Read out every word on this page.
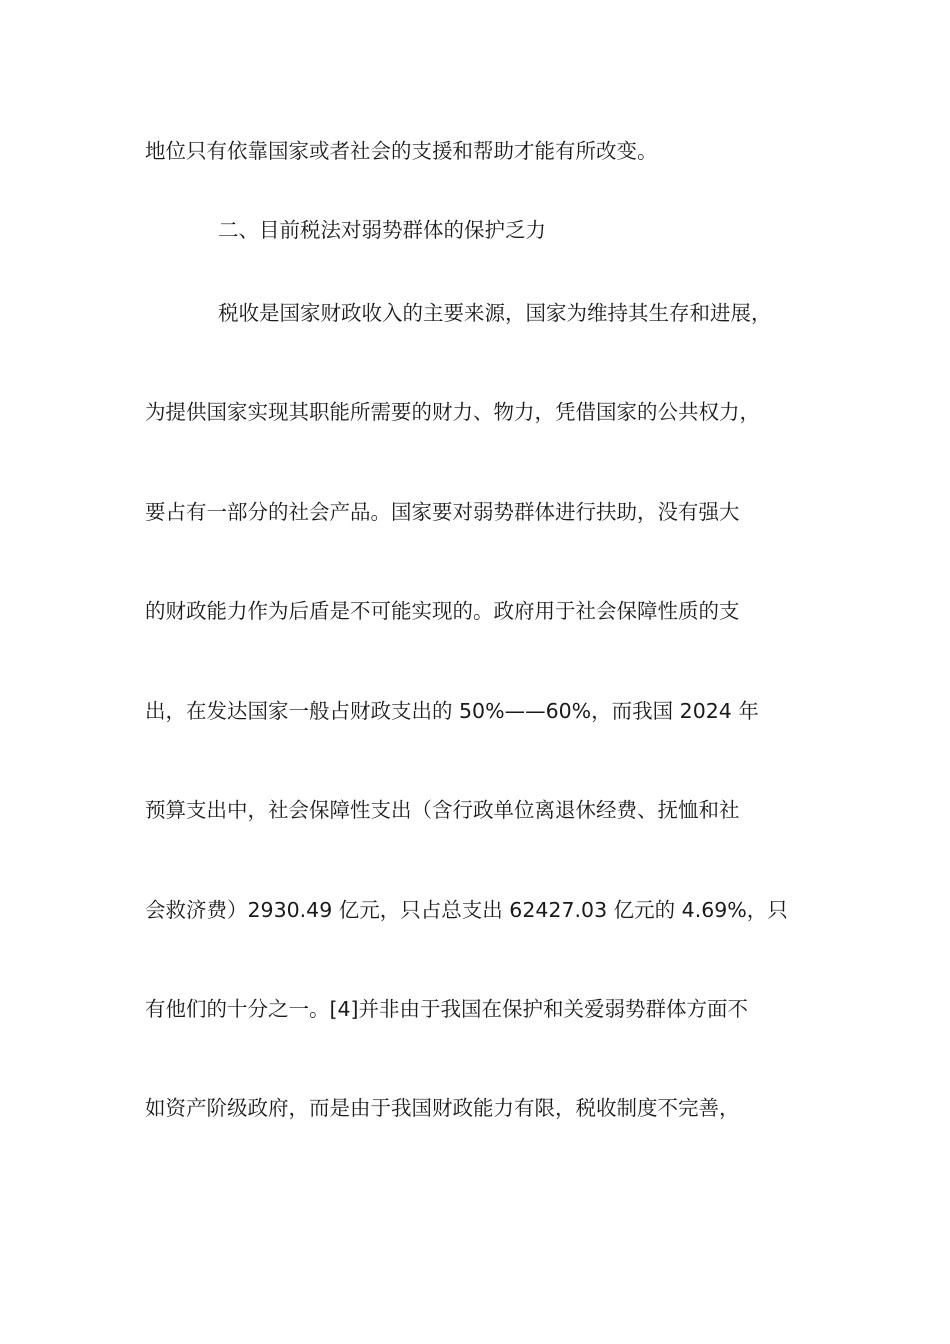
地位只有依靠国家或者社会的支援和帮助才能有所改变。
二、目前税法对弱势群体的保护乏力
税收是国家财政收入的主要来源，国家为维持其生存和进展，
为提供国家实现其职能所需要的财力、物力，凭借国家的公共权力，
要占有一部分的社会产品。国家要对弱势群体进行扶助，没有强大
的财政能力作为后盾是不可能实现的。政府用于社会保障性质的支
出，在发达国家一般占财政支出的 50%——60%，而我国 2024 年
预算支出中，社会保障性支出（含行政单位离退休经费、抚恤和社
会救济费）2930.49 亿元，只占总支出 62427.03 亿元的 4.69%，只
有他们的十分之一。[4]并非由于我国在保护和关爱弱势群体方面不
如资产阶级政府，而是由于我国财政能力有限，税收制度不完善，
